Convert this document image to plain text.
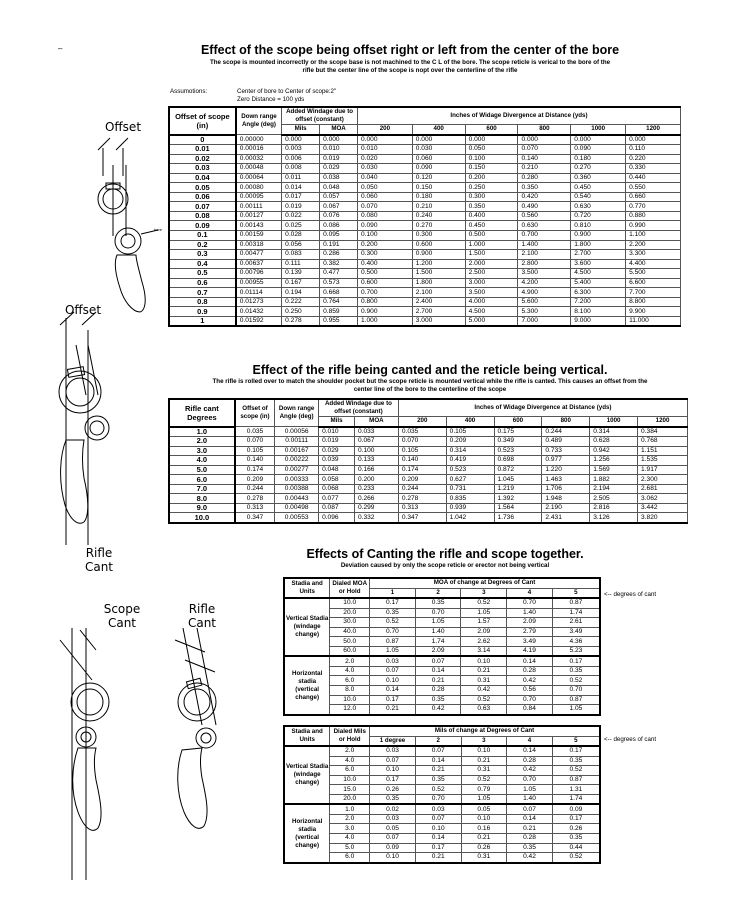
–
Offset
bore
Offset
Rifle Cant
Scope Cant
Rifle Cant
Effect of the scope being offset right or left from the center of the bore
The scope is mounted incorrectly or the scope base is not machined to the C L of the bore. The scope reticle is verical to the bore of the
rifle but the center line of the scope is nopt over the centerline of the rifle
Assumotions:	Center of bore to Center of scope:2"
Zero Distance = 100 yds
Offset of scope (in)	Down range Angle (deg)	Added Windage due to offset (constant)		Inches of Widage Divergence at Distance (yds)					
		Mils	MOA	200	400	600	800	1000	1200
0	0.00000	0.000	0.000	0.000	0.000	0.000	0.000	0.000	0.000
0.01	0.00016	0.003	0.010	0.010	0.030	0.050	0.070	0.090	0.110
0.02	0.00032	0.006	0.019	0.020	0.060	0.100	0.140	0.180	0.220
0.03	0.00048	0.008	0.029	0.030	0.090	0.150	0.210	0.270	0.330
0.04	0.00064	0.011	0.038	0.040	0.120	0.200	0.280	0.360	0.440
0.05	0.00080	0.014	0.048	0.050	0.150	0.250	0.350	0.450	0.550
0.06	0.00095	0.017	0.057	0.060	0.180	0.300	0.420	0.540	0.660
0.07	0.00111	0.019	0.067	0.070	0.210	0.350	0.490	0.630	0.770
0.08	0.00127	0.022	0.076	0.080	0.240	0.400	0.560	0.720	0.880
0.09	0.00143	0.025	0.086	0.090	0.270	0.450	0.630	0.810	0.990
0.1	0.00159	0.028	0.095	0.100	0.300	0.500	0.700	0.900	1.100
0.2	0.00318	0.056	0.191	0.200	0.600	1.000	1.400	1.800	2.200
0.3	0.00477	0.083	0.286	0.300	0.900	1.500	2.100	2.700	3.300
0.4	0.00637	0.111	0.382	0.400	1.200	2.000	2.800	3.600	4.400
0.5	0.00796	0.139	0.477	0.500	1.500	2.500	3.500	4.500	5.500
0.6	0.00955	0.167	0.573	0.600	1.800	3.000	4.200	5.400	6.600
0.7	0.01114	0.194	0.668	0.700	2.100	3.500	4.900	6.300	7.700
0.8	0.01273	0.222	0.764	0.800	2.400	4.000	5.600	7.200	8.800
0.9	0.01432	0.250	0.859	0.900	2.700	4.500	5.300	8.100	9.900
1	0.01592	0.278	0.955	1.000	3.000	5.000	7.000	9.000	11.000
Effect of the rifle being canted and the reticle being vertical.
The rifle is rolled over to match the shoulder pocket but the scope reticle is mounted vertical while the rifle is canted. This causes an offset from the
center line of the bore to the centerline of the scope
Rifle cant Degrees	Offset of scope (in)	Down range Angle (deg)	Added Windage due to offset (constant)		Inches of Widage Divergence at Distance (yds)					
			Mils	MOA	200	400	600	800	1000	1200
1.0	0.035	0.00056	0.010	0.033	0.035	0.105	0.175	0.244	0.314	0.384
2.0	0.070	0.00111	0.019	0.067	0.070	0.209	0.349	0.489	0.628	0.768
3.0	0.105	0.00167	0.029	0.100	0.105	0.314	0.523	0.733	0.942	1.151
4.0	0.140	0.00222	0.039	0.133	0.140	0.419	0.698	0.977	1.256	1.535
5.0	0.174	0.00277	0.048	0.166	0.174	0.523	0.872	1.220	1.569	1.917
6.0	0.209	0.00333	0.058	0.200	0.209	0.627	1.045	1.463	1.882	2.300
7.0	0.244	0.00388	0.068	0.233	0.244	0.731	1.219	1.706	2.194	2.681
8.0	0.278	0.00443	0.077	0.266	0.278	0.835	1.392	1.948	2.505	3.062
9.0	0.313	0.00498	0.087	0.299	0.313	0.939	1.564	2.190	2.816	3.442
10.0	0.347	0.00553	0.096	0.332	0.347	1.042	1.736	2.431	3.126	3.820
Effects of Canting the rifle and scope together.
Deviation caused by only the scope reticle or erector not being vertical
Stadia and Units	Dialed MOA or Hold	MOA of change at Degrees of Cant				
		1	2	3	4	5
Vertical Stadia (windage change)	10.0	0.17	0.35	0.52	0.70	0.87
	20.0	0.35	0.70	1.05	1.40	1.74
	30.0	0.52	1.05	1.57	2.09	2.61
	40.0	0.70	1.40	2.09	2.79	3.49
	50.0	0.87	1.74	2.62	3.49	4.36
	60.0	1.05	2.09	3.14	4.19	5.23
Horizontal stadia (vertical change)	2.0	0.03	0.07	0.10	0.14	0.17
	4.0	0.07	0.14	0.21	0.28	0.35
	6.0	0.10	0.21	0.31	0.42	0.52
	8.0	0.14	0.28	0.42	0.56	0.70
	10.0	0.17	0.35	0.52	0.70	0.87
	12.0	0.21	0.42	0.63	0.84	1.05
<-- degrees of cant
Stadia and Units	Dialed Mils or Hold	Mils of change at Degrees of Cant				
		1 degree	2	3	4	5
Vertical Stadia (windage change)	2.0	0.03	0.07	0.10	0.14	0.17
	4.0	0.07	0.14	0.21	0.28	0.35
	6.0	0.10	0.21	0.31	0.42	0.52
	10.0	0.17	0.35	0.52	0.70	0.87
	15.0	0.26	0.52	0.79	1.05	1.31
	20.0	0.35	0.70	1.05	1.40	1.74
Horizontal stadia (vertical change)	1.0	0.02	0.03	0.05	0.07	0.09
	2.0	0.03	0.07	0.10	0.14	0.17
	3.0	0.05	0.10	0.16	0.21	0.26
	4.0	0.07	0.14	0.21	0.28	0.35
	5.0	0.09	0.17	0.26	0.35	0.44
	6.0	0.10	0.21	0.31	0.42	0.52
<-- degrees of cant
